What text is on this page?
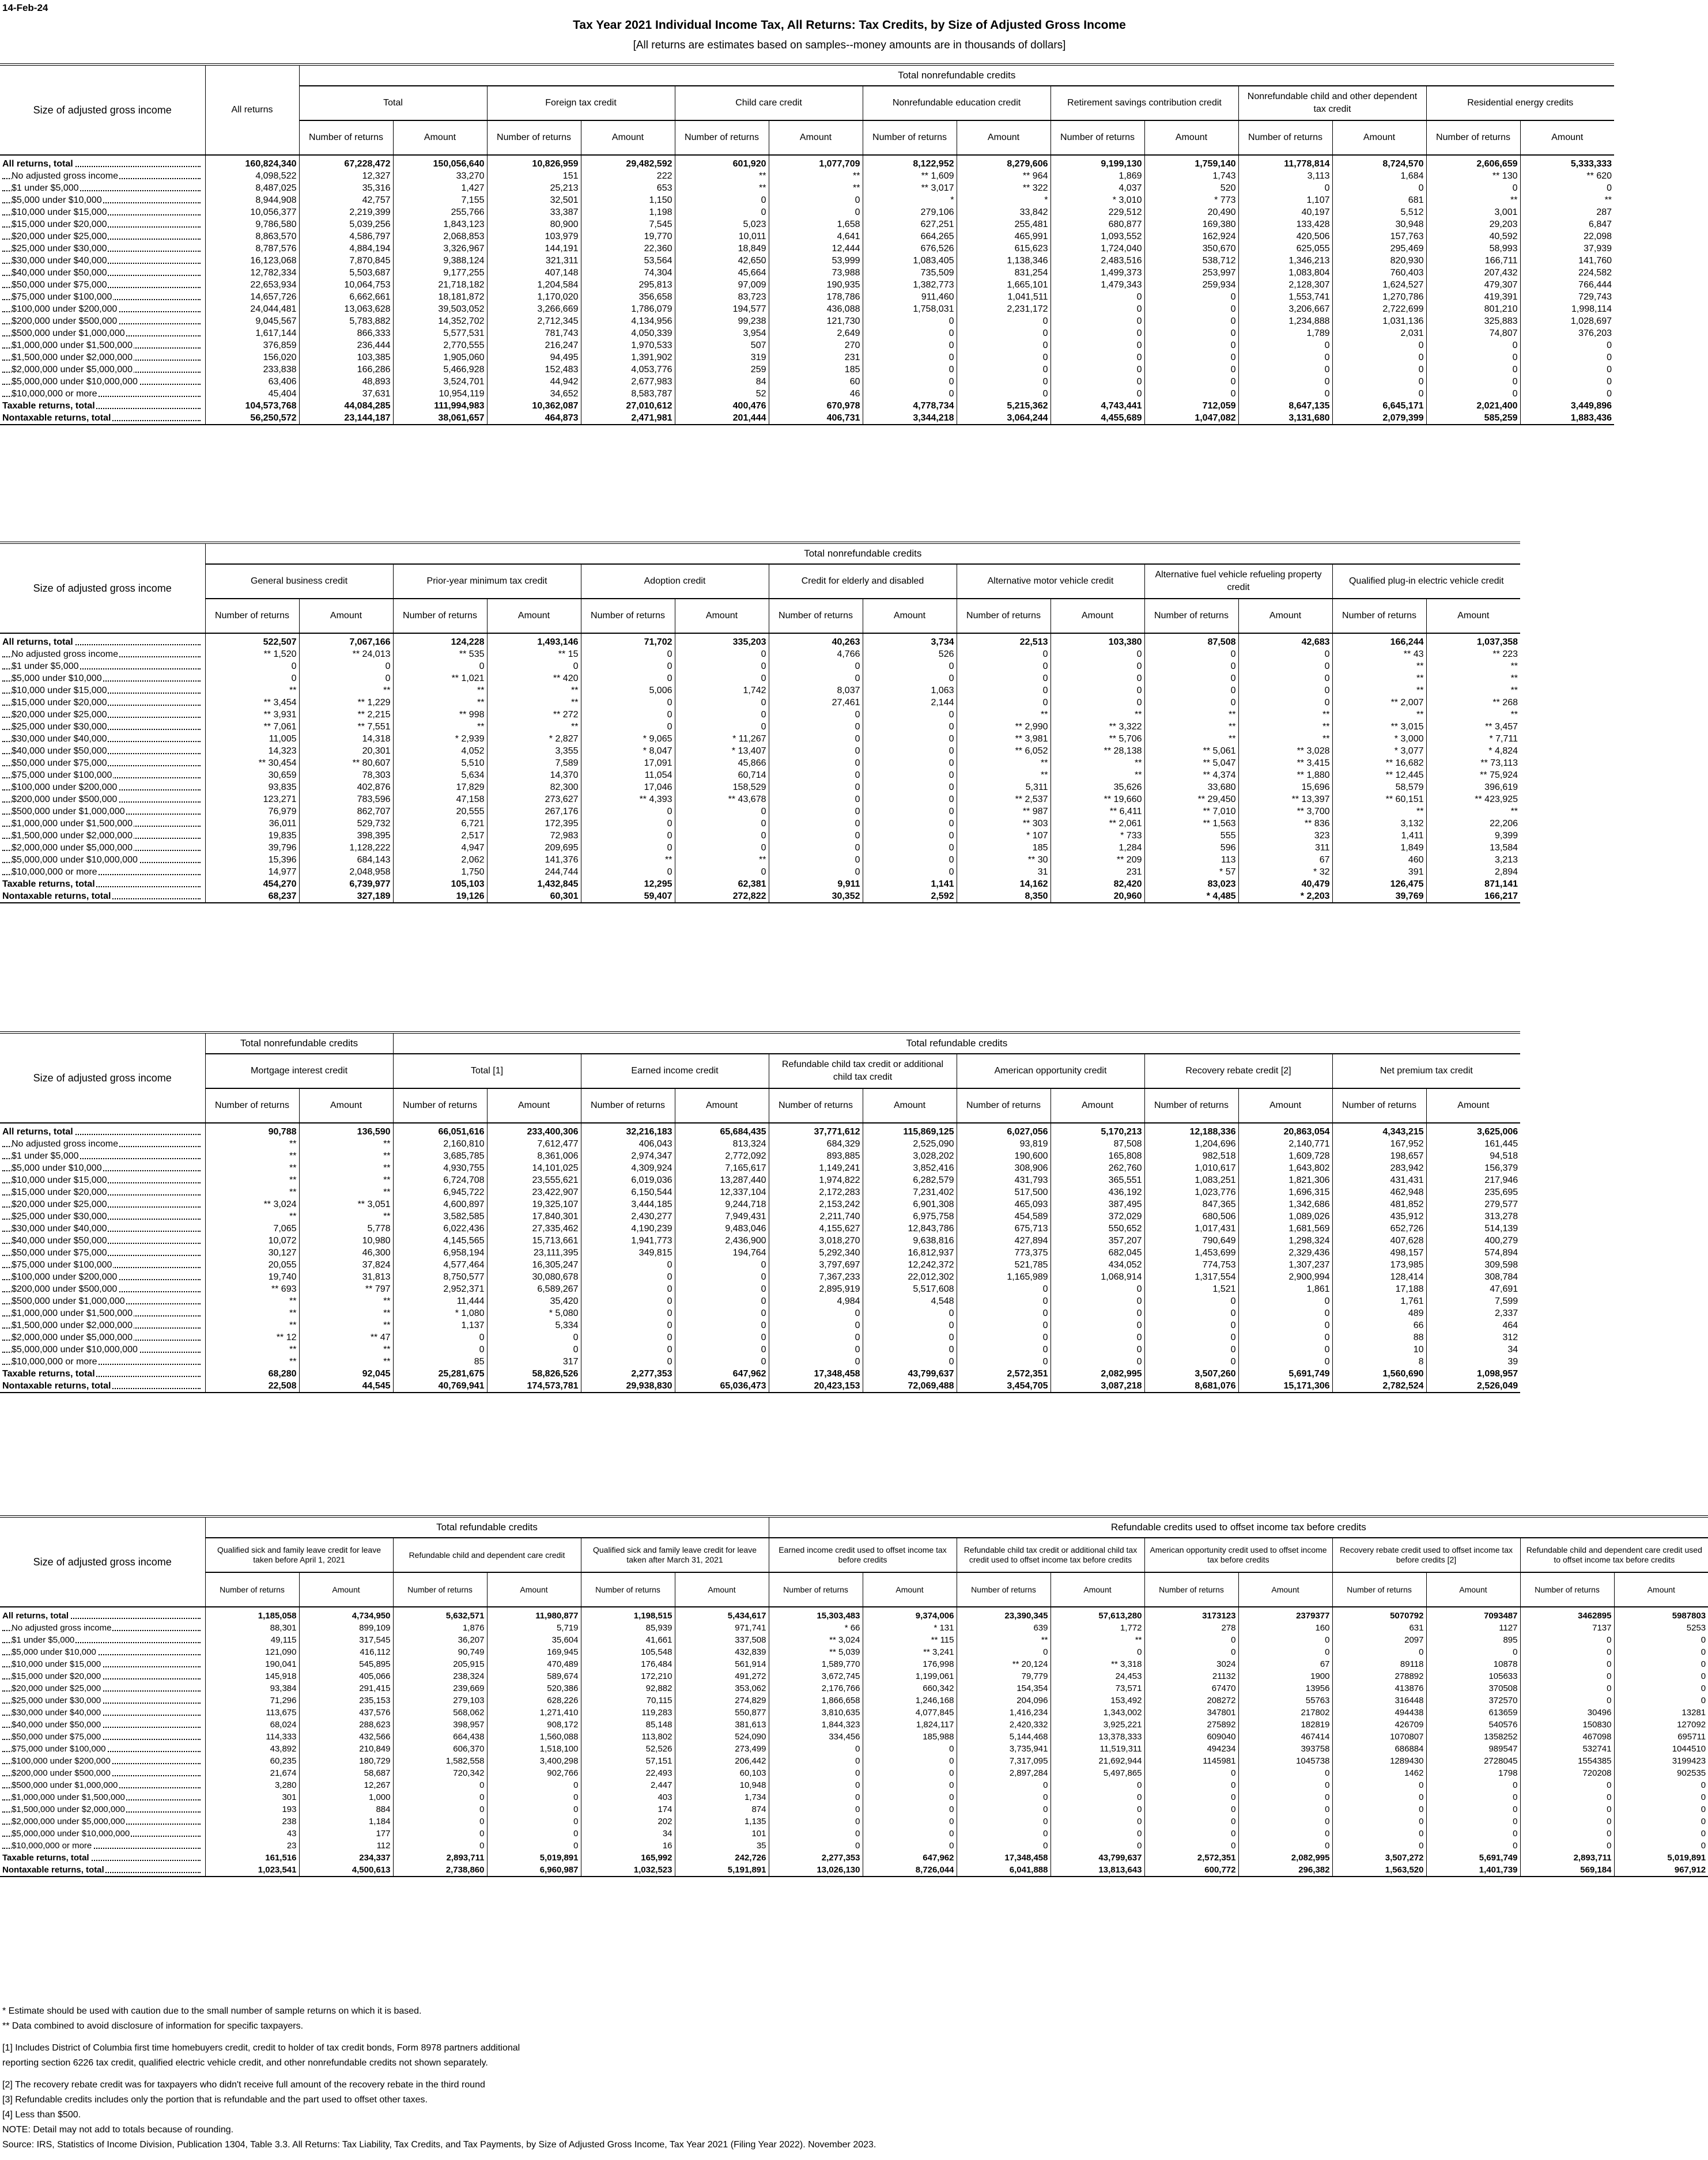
14-Feb-24
Tax Year 2021 Individual Income Tax, All Returns: Tax Credits, by Size of Adjusted Gross Income
[All returns are estimates based on samples--money amounts are in thousands of dollars]
Size of adjusted gross income	All returns	Total nonrefundable credits													
		Total		Foreign tax credit		Child care credit		Nonrefundable education credit		Retirement savings contribution credit		Nonrefundable child and other dependent tax credit		Residential energy credits	
		Number of returns	Amount	Number of returns	Amount	Number of returns	Amount	Number of returns	Amount	Number of returns	Amount	Number of returns	Amount	Number of returns	Amount
All returns, total	160,824,340	67,228,472	150,056,640	10,826,959	29,482,592	601,920	1,077,709	8,122,952	8,279,606	9,199,130	1,759,140	11,778,814	8,724,570	2,606,659	5,333,333
No adjusted gross income	4,098,522	12,327	33,270	151	222	**	**	** 1,609	** 964	1,869	1,743	3,113	1,684	** 130	** 620
$1 under $5,000	8,487,025	35,316	1,427	25,213	653	**	**	** 3,017	** 322	4,037	520	0	0	0	0
$5,000 under $10,000	8,944,908	42,757	7,155	32,501	1,150	0	0	*	*	* 3,010	* 773	1,107	681	**	**
$10,000 under $15,000	10,056,377	2,219,399	255,766	33,387	1,198	0	0	279,106	33,842	229,512	20,490	40,197	5,512	3,001	287
$15,000 under $20,000	9,786,580	5,039,256	1,843,123	80,900	7,545	5,023	1,658	627,251	255,481	680,877	169,380	133,428	30,948	29,203	6,847
$20,000 under $25,000	8,863,570	4,586,797	2,068,853	103,979	19,770	10,011	4,641	664,265	465,991	1,093,552	162,924	420,506	157,763	40,592	22,098
$25,000 under $30,000	8,787,576	4,884,194	3,326,967	144,191	22,360	18,849	12,444	676,526	615,623	1,724,040	350,670	625,055	295,469	58,993	37,939
$30,000 under $40,000	16,123,068	7,870,845	9,388,124	321,311	53,564	42,650	53,999	1,083,405	1,138,346	2,483,516	538,712	1,346,213	820,930	166,711	141,760
$40,000 under $50,000	12,782,334	5,503,687	9,177,255	407,148	74,304	45,664	73,988	735,509	831,254	1,499,373	253,997	1,083,804	760,403	207,432	224,582
$50,000 under $75,000	22,653,934	10,064,753	21,718,182	1,204,584	295,813	97,009	190,935	1,382,773	1,665,101	1,479,343	259,934	2,128,307	1,624,527	479,307	766,444
$75,000 under $100,000	14,657,726	6,662,661	18,181,872	1,170,020	356,658	83,723	178,786	911,460	1,041,511	0	0	1,553,741	1,270,786	419,391	729,743
$100,000 under $200,000	24,044,481	13,063,628	39,503,052	3,266,669	1,786,079	194,577	436,088	1,758,031	2,231,172	0	0	3,206,667	2,722,699	801,210	1,998,114
$200,000 under $500,000	9,045,567	5,783,882	14,352,702	2,712,345	4,134,956	99,238	121,730	0	0	0	0	1,234,888	1,031,136	325,883	1,028,697
$500,000 under $1,000,000	1,617,144	866,333	5,577,531	781,743	4,050,339	3,954	2,649	0	0	0	0	1,789	2,031	74,807	376,203
$1,000,000 under $1,500,000	376,859	236,444	2,770,555	216,247	1,970,533	507	270	0	0	0	0	0	0	0	0
$1,500,000 under $2,000,000	156,020	103,385	1,905,060	94,495	1,391,902	319	231	0	0	0	0	0	0	0	0
$2,000,000 under $5,000,000	233,838	166,286	5,466,928	152,483	4,053,776	259	185	0	0	0	0	0	0	0	0
$5,000,000 under $10,000,000	63,406	48,893	3,524,701	44,942	2,677,983	84	60	0	0	0	0	0	0	0	0
$10,000,000 or more	45,404	37,631	10,954,119	34,652	8,583,787	52	46	0	0	0	0	0	0	0	0
Taxable returns, total	104,573,768	44,084,285	111,994,983	10,362,087	27,010,612	400,476	670,978	4,778,734	5,215,362	4,743,441	712,059	8,647,135	6,645,171	2,021,400	3,449,896
Nontaxable returns, total	56,250,572	23,144,187	38,061,657	464,873	2,471,981	201,444	406,731	3,344,218	3,064,244	4,455,689	1,047,082	3,131,680	2,079,399	585,259	1,883,436
Size of adjusted gross income	Total nonrefundable credits													
	General business credit		Prior-year minimum tax credit		Adoption credit		Credit for elderly and disabled		Alternative motor vehicle credit		Alternative fuel vehicle refueling property credit		Qualified plug-in electric vehicle credit	
	Number of returns	Amount	Number of returns	Amount	Number of returns	Amount	Number of returns	Amount	Number of returns	Amount	Number of returns	Amount	Number of returns	Amount
All returns, total	522,507	7,067,166	124,228	1,493,146	71,702	335,203	40,263	3,734	22,513	103,380	87,508	42,683	166,244	1,037,358
No adjusted gross income	** 1,520	** 24,013	** 535	** 15	0	0	4,766	526	0	0	0	0	** 43	** 223
$1 under $5,000	0	0	0	0	0	0	0	0	0	0	0	0	**	**
$5,000 under $10,000	0	0	** 1,021	** 420	0	0	0	0	0	0	0	0	**	**
$10,000 under $15,000	**	**	**	**	5,006	1,742	8,037	1,063	0	0	0	0	**	**
$15,000 under $20,000	** 3,454	** 1,229	**	**	0	0	27,461	2,144	0	0	0	0	** 2,007	** 268
$20,000 under $25,000	** 3,931	** 2,215	** 998	** 272	0	0	0	0	**	**	**	**	**	**
$25,000 under $30,000	** 7,061	** 7,551	**	**	0	0	0	0	** 2,990	** 3,322	**	**	** 3,015	** 3,457
$30,000 under $40,000	11,005	14,318	* 2,939	* 2,827	* 9,065	* 11,267	0	0	** 3,981	** 5,706	**	**	* 3,000	* 7,711
$40,000 under $50,000	14,323	20,301	4,052	3,355	* 8,047	* 13,407	0	0	** 6,052	** 28,138	** 5,061	** 3,028	* 3,077	* 4,824
$50,000 under $75,000	** 30,454	** 80,607	5,510	7,589	17,091	45,866	0	0	**	**	** 5,047	** 3,415	** 16,682	** 73,113
$75,000 under $100,000	30,659	78,303	5,634	14,370	11,054	60,714	0	0	**	**	** 4,374	** 1,880	** 12,445	** 75,924
$100,000 under $200,000	93,835	402,876	17,829	82,300	17,046	158,529	0	0	5,311	35,626	33,680	15,696	58,579	396,619
$200,000 under $500,000	123,271	783,596	47,158	273,627	** 4,393	** 43,678	0	0	** 2,537	** 19,660	** 29,450	** 13,397	** 60,151	** 423,925
$500,000 under $1,000,000	76,979	862,707	20,555	267,176	0	0	0	0	** 987	** 6,411	** 7,010	** 3,700	**	**
$1,000,000 under $1,500,000	36,011	529,732	6,721	172,395	0	0	0	0	** 303	** 2,061	** 1,563	** 836	3,132	22,206
$1,500,000 under $2,000,000	19,835	398,395	2,517	72,983	0	0	0	0	* 107	* 733	555	323	1,411	9,399
$2,000,000 under $5,000,000	39,796	1,128,222	4,947	209,695	0	0	0	0	185	1,284	596	311	1,849	13,584
$5,000,000 under $10,000,000	15,396	684,143	2,062	141,376	**	**	0	0	** 30	** 209	113	67	460	3,213
$10,000,000 or more	14,977	2,048,958	1,750	244,744	0	0	0	0	31	231	* 57	* 32	391	2,894
Taxable returns, total	454,270	6,739,977	105,103	1,432,845	12,295	62,381	9,911	1,141	14,162	82,420	83,023	40,479	126,475	871,141
Nontaxable returns, total	68,237	327,189	19,126	60,301	59,407	272,822	30,352	2,592	8,350	20,960	* 4,485	* 2,203	39,769	166,217
Size of adjusted gross income	Total nonrefundable credits		Total refundable credits											
	Mortgage interest credit		Total [1]		Earned income credit		Refundable child tax credit or additional child tax credit		American opportunity credit		Recovery rebate credit [2]		Net premium tax credit	
	Number of returns	Amount	Number of returns	Amount	Number of returns	Amount	Number of returns	Amount	Number of returns	Amount	Number of returns	Amount	Number of returns	Amount
All returns, total	90,788	136,590	66,051,616	233,400,306	32,216,183	65,684,435	37,771,612	115,869,125	6,027,056	5,170,213	12,188,336	20,863,054	4,343,215	3,625,006
No adjusted gross income	**	**	2,160,810	7,612,477	406,043	813,324	684,329	2,525,090	93,819	87,508	1,204,696	2,140,771	167,952	161,445
$1 under $5,000	**	**	3,685,785	8,361,006	2,974,347	2,772,092	893,885	3,028,202	190,600	165,808	982,518	1,609,728	198,657	94,518
$5,000 under $10,000	**	**	4,930,755	14,101,025	4,309,924	7,165,617	1,149,241	3,852,416	308,906	262,760	1,010,617	1,643,802	283,942	156,379
$10,000 under $15,000	**	**	6,724,708	23,555,621	6,019,036	13,287,440	1,974,822	6,282,579	431,793	365,551	1,083,251	1,821,306	431,431	217,946
$15,000 under $20,000	**	**	6,945,722	23,422,907	6,150,544	12,337,104	2,172,283	7,231,402	517,500	436,192	1,023,776	1,696,315	462,948	235,695
$20,000 under $25,000	** 3,024	** 3,051	4,600,897	19,325,107	3,444,185	9,244,718	2,153,242	6,901,308	465,093	387,495	847,365	1,342,686	481,852	279,577
$25,000 under $30,000	**	**	3,582,585	17,840,301	2,430,277	7,949,431	2,211,740	6,975,758	454,589	372,029	680,506	1,089,026	435,912	313,278
$30,000 under $40,000	7,065	5,778	6,022,436	27,335,462	4,190,239	9,483,046	4,155,627	12,843,786	675,713	550,652	1,017,431	1,681,569	652,726	514,139
$40,000 under $50,000	10,072	10,980	4,145,565	15,713,661	1,941,773	2,436,900	3,018,270	9,638,816	427,894	357,207	790,649	1,298,324	407,628	400,279
$50,000 under $75,000	30,127	46,300	6,958,194	23,111,395	349,815	194,764	5,292,340	16,812,937	773,375	682,045	1,453,699	2,329,436	498,157	574,894
$75,000 under $100,000	20,055	37,824	4,577,464	16,305,247	0	0	3,797,697	12,242,372	521,785	434,052	774,753	1,307,237	173,985	309,598
$100,000 under $200,000	19,740	31,813	8,750,577	30,080,678	0	0	7,367,233	22,012,302	1,165,989	1,068,914	1,317,554	2,900,994	128,414	308,784
$200,000 under $500,000	** 693	** 797	2,952,371	6,589,267	0	0	2,895,919	5,517,608	0	0	1,521	1,861	17,188	47,691
$500,000 under $1,000,000	**	**	11,444	35,420	0	0	4,984	4,548	0	0	0	0	1,761	7,599
$1,000,000 under $1,500,000	**	**	* 1,080	* 5,080	0	0	0	0	0	0	0	0	489	2,337
$1,500,000 under $2,000,000	**	**	1,137	5,334	0	0	0	0	0	0	0	0	66	464
$2,000,000 under $5,000,000	** 12	** 47	0	0	0	0	0	0	0	0	0	0	88	312
$5,000,000 under $10,000,000	**	**	0	0	0	0	0	0	0	0	0	0	10	34
$10,000,000 or more	**	**	85	317	0	0	0	0	0	0	0	0	8	39
Taxable returns, total	68,280	92,045	25,281,675	58,826,526	2,277,353	647,962	17,348,458	43,799,637	2,572,351	2,082,995	3,507,260	5,691,749	1,560,690	1,098,957
Nontaxable returns, total	22,508	44,545	40,769,941	174,573,781	29,938,830	65,036,473	20,423,153	72,069,488	3,454,705	3,087,218	8,681,076	15,171,306	2,782,524	2,526,049
Size of adjusted gross income	Total refundable credits						Refundable credits used to offset income tax before credits									
	Qualified sick and family leave credit for leave taken before April 1, 2021		Refundable child and dependent care credit		Qualified sick and family leave credit for leave taken after March 31, 2021		Earned income credit used to offset income tax before credits		Refundable child tax credit or additional child tax credit used to offset income tax before credits		American opportunity credit used to offset income tax before credits		Recovery rebate credit used to offset income tax before credits [2]		Refundable child and dependent care credit used to offset income tax before credits	
	Number of returns	Amount	Number of returns	Amount	Number of returns	Amount	Number of returns	Amount	Number of returns	Amount	Number of returns	Amount	Number of returns	Amount	Number of returns	Amount
All returns, total	1,185,058	4,734,950	5,632,571	11,980,877	1,198,515	5,434,617	15,303,483	9,374,006	23,390,345	57,613,280	3173123	2379377	5070792	7093487	3462895	5987803
No adjusted gross income	88,301	899,109	1,876	5,719	85,939	971,741	* 66	* 131	639	1,772	278	160	631	1127	7137	5253
$1 under $5,000	49,115	317,545	36,207	35,604	41,661	337,508	** 3,024	** 115	**	**	0	0	2097	895	0	0
$5,000 under $10,000	121,090	416,112	90,749	169,945	105,548	432,839	** 5,039	** 3,241	0	0	0	0	0	0	0	0
$10,000 under $15,000	190,041	545,895	205,915	470,489	176,484	561,914	1,589,770	176,998	** 20,124	** 3,318	3024	67	89118	10878	0	0
$15,000 under $20,000	145,918	405,066	238,324	589,674	172,210	491,272	3,672,745	1,199,061	79,779	24,453	21132	1900	278892	105633	0	0
$20,000 under $25,000	93,384	291,415	239,669	520,386	92,882	353,062	2,176,766	660,342	154,354	73,571	67470	13956	413876	370508	0	0
$25,000 under $30,000	71,296	235,153	279,103	628,226	70,115	274,829	1,866,658	1,246,168	204,096	153,492	208272	55763	316448	372570	0	0
$30,000 under $40,000	113,675	437,576	568,062	1,271,410	119,283	550,877	3,810,635	4,077,845	1,416,234	1,343,002	347801	217802	494438	613659	30496	13281
$40,000 under $50,000	68,024	288,623	398,957	908,172	85,148	381,613	1,844,323	1,824,117	2,420,332	3,925,221	275892	182819	426709	540576	150830	127092
$50,000 under $75,000	114,333	432,566	664,438	1,560,088	113,802	524,090	334,456	185,988	5,144,468	13,378,333	609040	467414	1070807	1358252	467098	695711
$75,000 under $100,000	43,892	210,849	606,370	1,518,100	52,526	273,499	0	0	3,735,941	11,519,311	494234	393758	686884	989547	532741	1044510
$100,000 under $200,000	60,235	180,729	1,582,558	3,400,298	57,151	206,442	0	0	7,317,095	21,692,944	1145981	1045738	1289430	2728045	1554385	3199423
$200,000 under $500,000	21,674	58,687	720,342	902,766	22,493	60,103	0	0	2,897,284	5,497,865	0	0	1462	1798	720208	902535
$500,000 under $1,000,000	3,280	12,267	0	0	2,447	10,948	0	0	0	0	0	0	0	0	0	0
$1,000,000 under $1,500,000	301	1,000	0	0	403	1,734	0	0	0	0	0	0	0	0	0	0
$1,500,000 under $2,000,000	193	884	0	0	174	874	0	0	0	0	0	0	0	0	0	0
$2,000,000 under $5,000,000	238	1,184	0	0	202	1,135	0	0	0	0	0	0	0	0	0	0
$5,000,000 under $10,000,000	43	177	0	0	34	101	0	0	0	0	0	0	0	0	0	0
$10,000,000 or more	23	112	0	0	16	35	0	0	0	0	0	0	0	0	0	0
Taxable returns, total	161,516	234,337	2,893,711	5,019,891	165,992	242,726	2,277,353	647,962	17,348,458	43,799,637	2,572,351	2,082,995	3,507,272	5,691,749	2,893,711	5,019,891
Nontaxable returns, total	1,023,541	4,500,613	2,738,860	6,960,987	1,032,523	5,191,891	13,026,130	8,726,044	6,041,888	13,813,643	600,772	296,382	1,563,520	1,401,739	569,184	967,912

* Estimate should be used with caution due to the small number of sample returns on which it is based.

** Data combined to avoid disclosure of information for specific taxpayers.

[1] Includes District of Columbia first time homebuyers credit, credit to holder of tax credit bonds, Form 8978 partners additional

reporting section 6226 tax credit, qualified electric vehicle credit, and other nonrefundable credits not shown separately.

[2] The recovery rebate credit was for taxpayers who didn't receive full amount of the recovery rebate in the third round

[3] Refundable credits includes only the portion that is refundable and the part used to offset other taxes.

[4] Less than $500.

NOTE: Detail may not add to totals because of rounding.

Source: IRS, Statistics of Income Division, Publication 1304, Table 3.3. All Returns: Tax Liability, Tax Credits, and Tax Payments, by Size of Adjusted Gross Income, Tax Year 2021 (Filing Year 2022). November 2023.
